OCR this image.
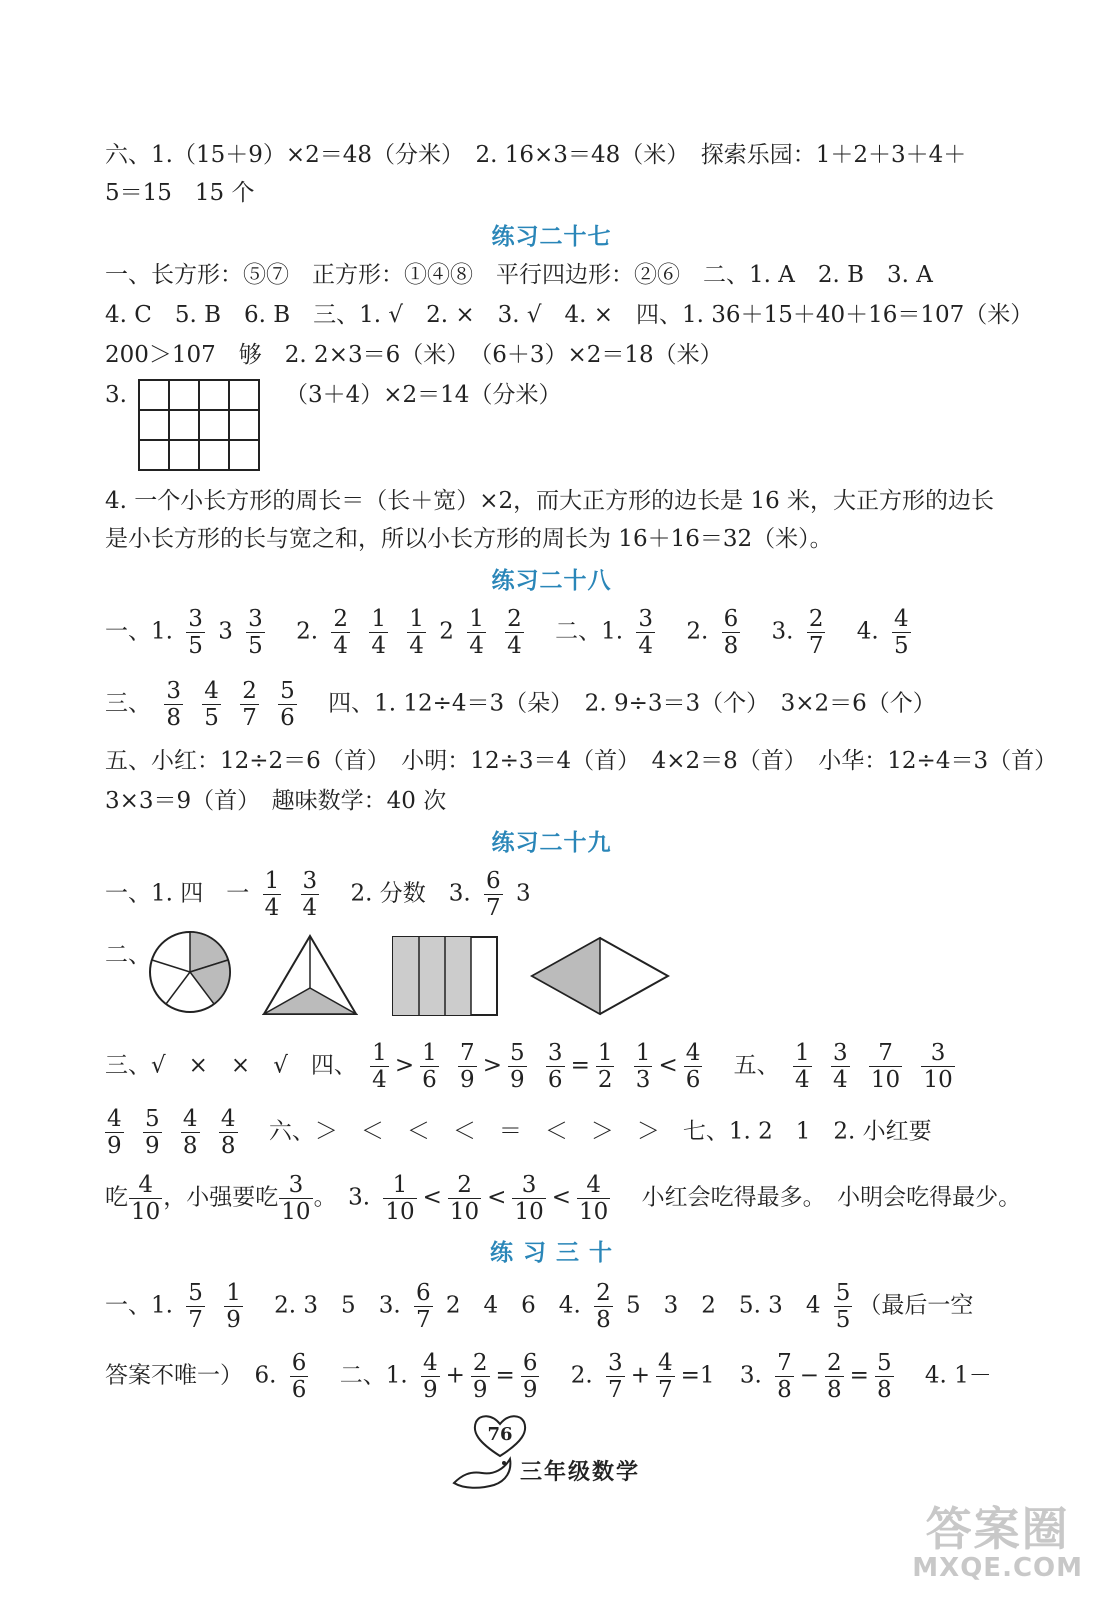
六、1.（15＋9）×2＝48（分米）　2. 16×3＝48（米）　探索乐园：1＋2＋3＋4＋
5＝15　15 个
练习二十七
一、长方形：⑤⑦　正方形：①④⑧　平行四边形：②⑥　二、1. A　2. B　3. A
4. C　5. B　6. B　三、1. √　2. ×　3. √　4. ×　四、1. 36＋15＋40＋16＝107（米）
200＞107　够　2. 2×3＝6（米）　（6＋3）×2＝18（米）
3.	（3＋4）×2＝14（分米）
4. 一个小长方形的周长＝（长＋宽）×2，而大正方形的边长是 16 米，大正方形的边长
是小长方形的长与宽之和，所以小长方形的周长为 16＋16＝32（米）。
练习二十八
一、1. $\frac{3}{5} 3 \frac{3}{5} 2$. $\frac{2}{4}$
$\frac{1}{4}$
$\frac{1}{4} 2 \frac{1}{4}$
$\frac{2}{4}$ 二、1. $\frac{3}{4} 2$. $\frac{6}{8} 3$. $\frac{2}{7} 4$. $\frac{4}{5}$
三、 $\frac{3}{8}$
$\frac{4}{5}$
$\frac{2}{7}$
$\frac{5}{6}$ 四、1. 12÷4＝3（朵）　2. 9÷3＝3（个）　3×2＝6（个）
五、小红：12÷2＝6（首）　小明：12÷3＝4（首）　4×2＝8（首）　小华：12÷4＝3（首）
3×3＝9（首）　趣味数学：40 次
练习二十九
一、1. 四　一 $\frac{1}{4}$
$\frac{3}{4} 2$. 分数　3. $\frac{6}{7} 3$
二、
三、√　×　×　√　四、 $\frac{1}{4} > \frac{1}{6}$
$\frac{7}{9} > \frac{5}{9}$
$\frac{3}{6} = \frac{1}{2}$
$\frac{1}{3} < \frac{4}{6}$ 五、 $\frac{1}{4}$
$\frac{3}{4}$
$\frac{7}{10}$
$\frac{3}{10}$
$\frac{4}{9}$
$\frac{5}{9}$
$\frac{4}{8}$
$\frac{4}{8}$ 六、＞　＜　＜　＜　＝　＜　＞　＞　七、1. 2　1　2. 小红要
吃 $\frac{4}{10}$ ，小强要吃 $\frac{3}{10}$ 。　3. $\frac{1}{10} < \frac{2}{10} < \frac{3}{10} < \frac{4}{10}$ 小红会吃得最多。　小明会吃得最少。
练 习 三 十
一、1. $\frac{5}{7}$
$\frac{1}{9} 2$. 3　5　3. $\frac{6}{7} 2$　4　6　4. $\frac{2}{8} 5$　3　2　5. 3　$4 \frac{5}{5}$ （最后一空
答案不唯一）　6. $\frac{6}{6}$ 二、1. $\frac{4}{9} + \frac{2}{9} = \frac{6}{9} 2$. $\frac{3}{7} + \frac{4}{7} =1$ 3. $\frac{7}{8} - \frac{2}{8} = \frac{5}{8} 4$. 1－
76
三年级数学
答案圈
MXQE.COM
